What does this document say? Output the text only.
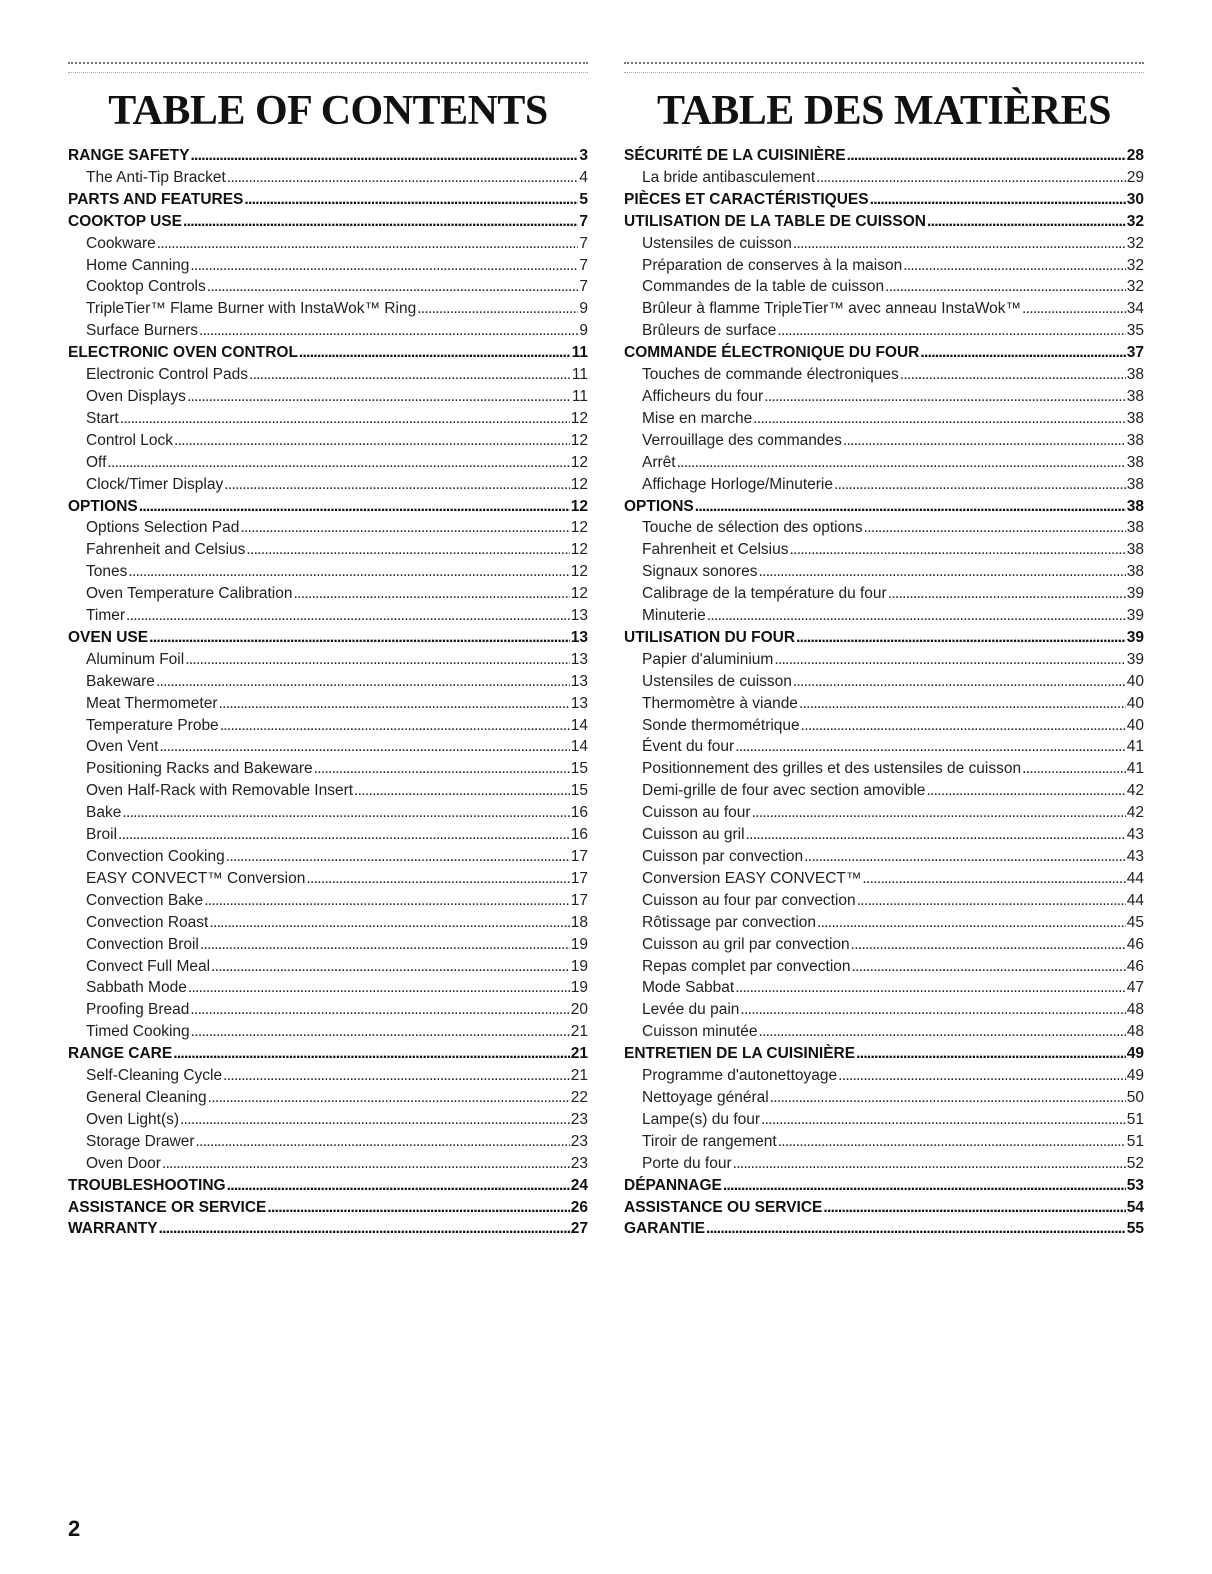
TABLE OF CONTENTS
RANGE SAFETY . . .	3
The Anti-Tip Bracket . . .	4
PARTS AND FEATURES . . .	5
COOKTOP USE . . .	7
Cookware . . .	7
Home Canning . . .	7
Cooktop Controls . . .	7
TripleTier™ Flame Burner with InstaWok™ Ring . . .	9
Surface Burners . . .	9
ELECTRONIC OVEN CONTROL . . .	11
Electronic Control Pads . . .	11
Oven Displays . . .	11
Start . . .	12
Control Lock . . .	12
Off . . .	12
Clock/Timer Display . . .	12
OPTIONS . . .	12
Options Selection Pad . . .	12
Fahrenheit and Celsius . . .	12
Tones . . .	12
Oven Temperature Calibration . . .	12
Timer . . .	13
OVEN USE . . .	13
Aluminum Foil . . .	13
Bakeware . . .	13
Meat Thermometer . . .	13
Temperature Probe . . .	14
Oven Vent . . .	14
Positioning Racks and Bakeware . . .	15
Oven Half-Rack with Removable Insert . . .	15
Bake . . .	16
Broil . . .	16
Convection Cooking . . .	17
EASY CONVECT™ Conversion . . .	17
Convection Bake . . .	17
Convection Roast . . .	18
Convection Broil . . .	19
Convect Full Meal . . .	19
Sabbath Mode . . .	19
Proofing Bread . . .	20
Timed Cooking . . .	21
RANGE CARE . . .	21
Self-Cleaning Cycle . . .	21
General Cleaning . . .	22
Oven Light(s) . . .	23
Storage Drawer . . .	23
Oven Door . . .	23
TROUBLESHOOTING . . .	24
ASSISTANCE OR SERVICE . . .	26
WARRANTY . . .	27
TABLE DES MATIÈRES
SÉCURITÉ DE LA CUISINIÈRE . . .	28
La bride antibasculement . . .	29
PIÈCES ET CARACTÉRISTIQUES . . .	30
UTILISATION DE LA TABLE DE CUISSON . . .	32
Ustensiles de cuisson . . .	32
Préparation de conserves à la maison . . .	32
Commandes de la table de cuisson . . .	32
Brûleur à flamme TripleTier™ avec anneau InstaWok™ . . .	34
Brûleurs de surface . . .	35
COMMANDE ÉLECTRONIQUE DU FOUR . . .	37
Touches de commande électroniques . . .	38
Afficheurs du four . . .	38
Mise en marche . . .	38
Verrouillage des commandes . . .	38
Arrêt . . .	38
Affichage Horloge/Minuterie . . .	38
OPTIONS . . .	38
Touche de sélection des options . . .	38
Fahrenheit et Celsius . . .	38
Signaux sonores . . .	38
Calibrage de la température du four . . .	39
Minuterie . . .	39
UTILISATION DU FOUR . . .	39
Papier d'aluminium . . .	39
Ustensiles de cuisson . . .	40
Thermomètre à viande . . .	40
Sonde thermométrique . . .	40
Évent du four . . .	41
Positionnement des grilles et des ustensiles de cuisson . . .	41
Demi-grille de four avec section amovible . . .	42
Cuisson au four . . .	42
Cuisson au gril . . .	43
Cuisson par convection . . .	43
Conversion EASY CONVECT™ . . .	44
Cuisson au four par convection . . .	44
Rôtissage par convection . . .	45
Cuisson au gril par convection . . .	46
Repas complet par convection . . .	46
Mode Sabbat . . .	47
Levée du pain . . .	48
Cuisson minutée . . .	48
ENTRETIEN DE LA CUISINIÈRE . . .	49
Programme d'autonettoyage . . .	49
Nettoyage général . . .	50
Lampe(s) du four . . .	51
Tiroir de rangement . . .	51
Porte du four . . .	52
DÉPANNAGE . . .	53
ASSISTANCE OU SERVICE . . .	54
GARANTIE . . .	55
2
